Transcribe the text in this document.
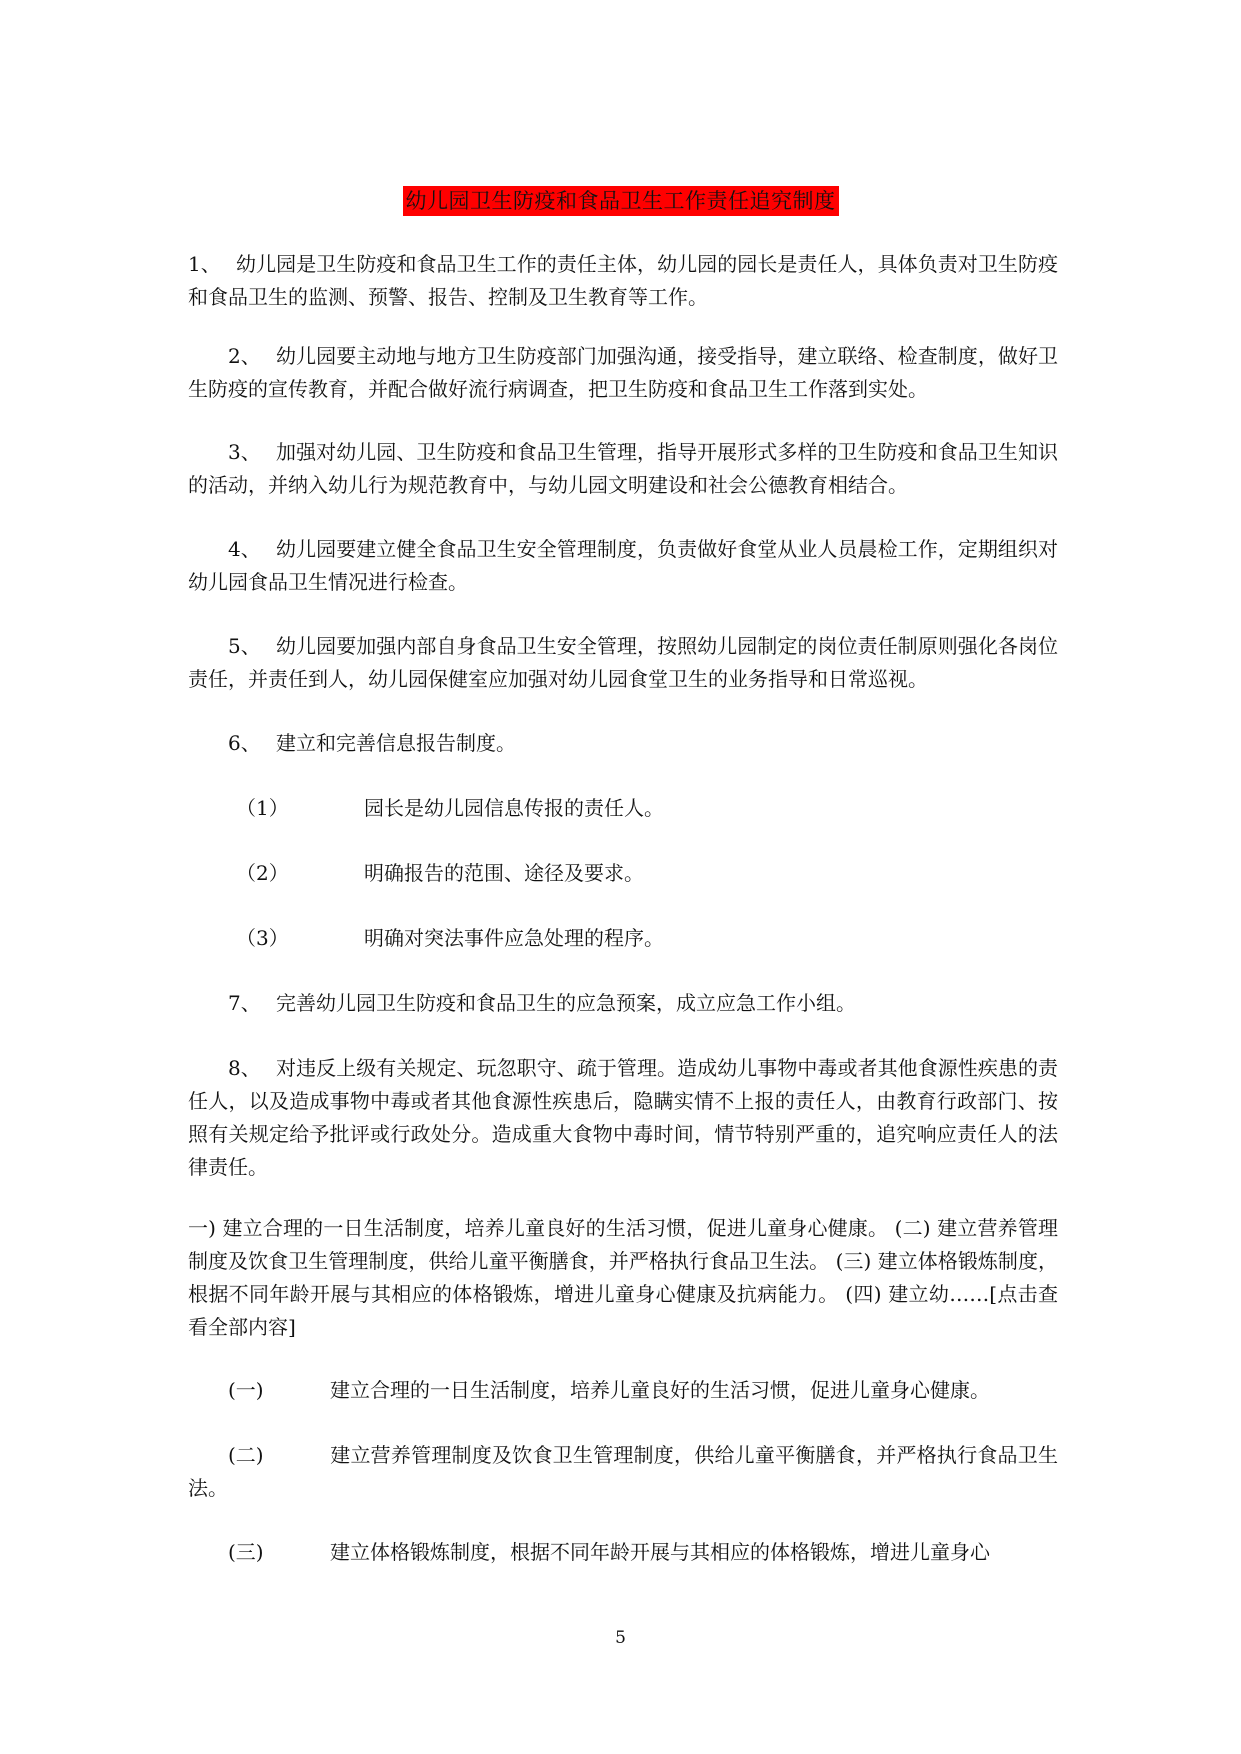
幼儿园卫生防疫和食品卫生工作责任追究制度
1、 幼儿园是卫生防疫和食品卫生工作的责任主体，幼儿园的园长是责任人，具体负责对卫生防疫和食品卫生的监测、预警、报告、控制及卫生教育等工作。
2、 幼儿园要主动地与地方卫生防疫部门加强沟通，接受指导，建立联络、检查制度，做好卫生防疫的宣传教育，并配合做好流行病调查，把卫生防疫和食品卫生工作落到实处。
3、 加强对幼儿园、卫生防疫和食品卫生管理，指导开展形式多样的卫生防疫和食品卫生知识的活动，并纳入幼儿行为规范教育中，与幼儿园文明建设和社会公德教育相结合。
4、 幼儿园要建立健全食品卫生安全管理制度，负责做好食堂从业人员晨检工作，定期组织对幼儿园食品卫生情况进行检查。
5、 幼儿园要加强内部自身食品卫生安全管理，按照幼儿园制定的岗位责任制原则强化各岗位责任，并责任到人，幼儿园保健室应加强对幼儿园食堂卫生的业务指导和日常巡视。
6、 建立和完善信息报告制度。
（1）	园长是幼儿园信息传报的责任人。
（2）	明确报告的范围、途径及要求。
（3）	明确对突法事件应急处理的程序。
7、 完善幼儿园卫生防疫和食品卫生的应急预案，成立应急工作小组。
8、 对违反上级有关规定、玩忽职守、疏于管理。造成幼儿事物中毒或者其他食源性疾患的责任人，以及造成事物中毒或者其他食源性疾患后，隐瞒实情不上报的责任人，由教育行政部门、按照有关规定给予批评或行政处分。造成重大食物中毒时间，情节特别严重的，追究响应责任人的法律责任。
一) 建立合理的一日生活制度，培养儿童良好的生活习惯，促进儿童身心健康。 (二) 建立营养管理制度及饮食卫生管理制度，供给儿童平衡膳食，并严格执行食品卫生法。 (三) 建立体格锻炼制度，根据不同年龄开展与其相应的体格锻炼，增进儿童身心健康及抗病能力。 (四) 建立幼……[点击查看全部内容]
(一)	建立合理的一日生活制度，培养儿童良好的生活习惯，促进儿童身心健康。
(二)	建立营养管理制度及饮食卫生管理制度，供给儿童平衡膳食，并严格执行食品卫生法。
(三)	建立体格锻炼制度，根据不同年龄开展与其相应的体格锻炼，增进儿童身心
5
